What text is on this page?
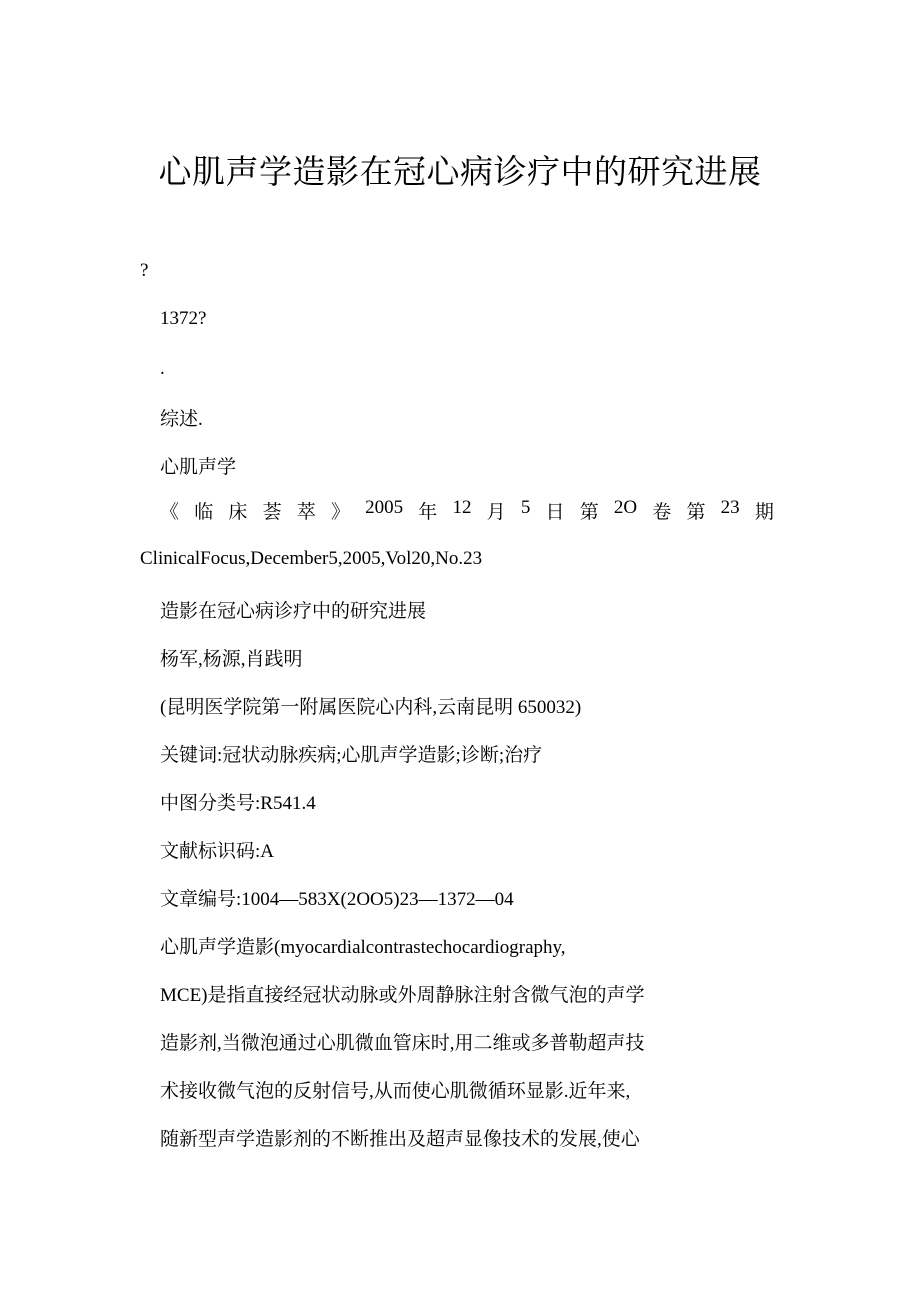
心肌声学造影在冠心病诊疗中的研究进展
?
1372?
.
综述.
心肌声学
《 临 床 荟 萃 》 2005 年 12 月 5 日 第 2O 卷 第 23 期
ClinicalFocus,December5,2005,Vol20,No.23
造影在冠心病诊疗中的研究进展
杨军,杨源,肖践明
(昆明医学院第一附属医院心内科,云南昆明 650032)
关键词:冠状动脉疾病;心肌声学造影;诊断;治疗
中图分类号:R541.4
文献标识码:A
文章编号:1004—583X(2OO5)23—1372—04
心肌声学造影(myocardialcontrastechocardiography,
MCE)是指直接经冠状动脉或外周静脉注射含微气泡的声学
造影剂,当微泡通过心肌微血管床时,用二维或多普勒超声技
术接收微气泡的反射信号,从而使心肌微循环显影.近年来,
随新型声学造影剂的不断推出及超声显像技术的发展,使心
